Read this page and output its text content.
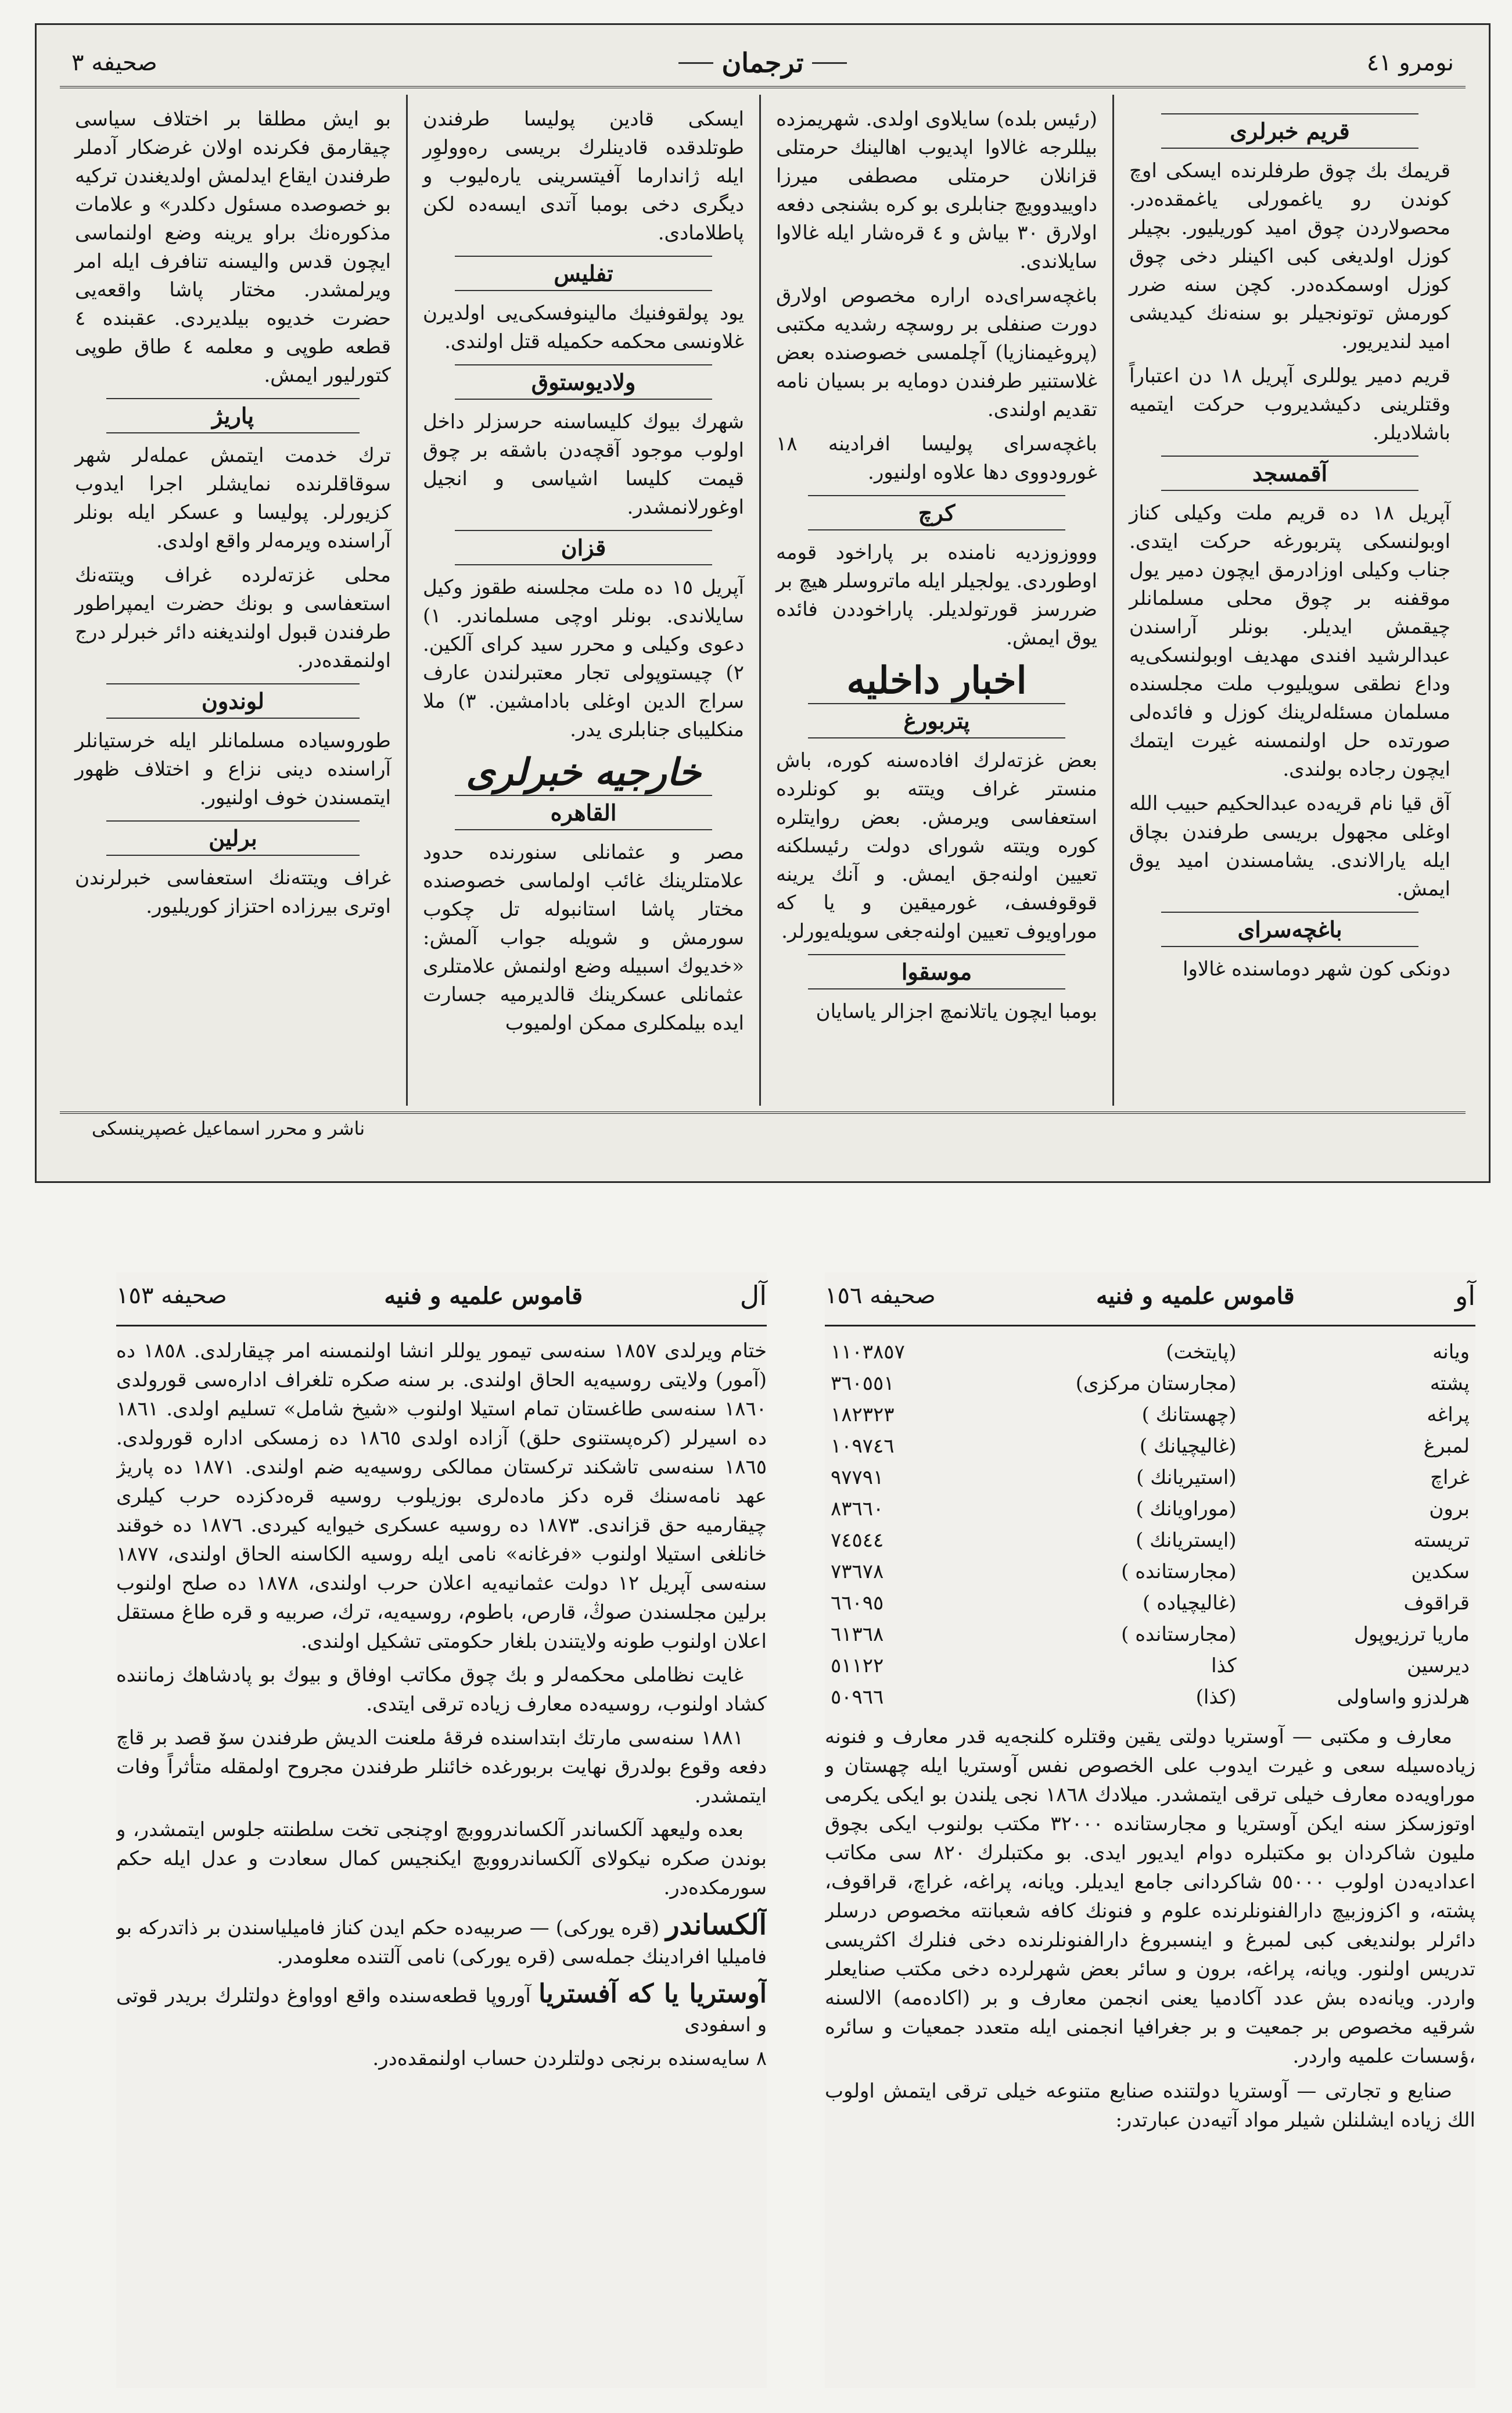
نومرو ٤١
ترجمان
صحیفه ٣
قریم خبرلری

قریمك بك چوق طرفلرنده ایسکی اوچ کوندن رو یاغمورلی یاغمقده‌در. محصولاردن چوق امید کوریلیور. بچیلر کوزل اولدیغی کبی اکینلر دخی چوق کوزل اوسمکده‌در. کچن سنه ضرر کورمش توتونجیلر بو سنه‌نك کیدیشی امید لندیریور.

قریم دمیر یوللری آپریل ١٨ دن اعتباراً وقتلرینی دکیشدیروب حرکت ایتمیه باشلادیلر.

آقمسجد

آپریل ١٨ ده قریم ملت وکیلی کناز اوبولنسکی پتربورغه حرکت ایتدی. جناب وکیلی اوزادرمق ایچون دمیر یول موقفنه بر چوق محلی مسلمانلر چیقمش ایدیلر. بونلر آراسندن عبدالرشید افندی مهدیف اوبولنسکی‌یه وداع نطقی سویلیوب ملت مجلسنده مسلمان مسئله‌لرینك کوزل و فائده‌لی صورتده حل اولنمسنه غیرت ایتمك ایچون رجاده بولندی.

آق قیا نام قریه‌ده عبدالحکیم حبیب الله اوغلی مجهول بریسی طرفندن بچاق ایله یارالاندی. یشامسندن امید یوق ایمش.

باغچه‌سرای

دونکی کون شهر دوماسنده غالاوا

(رئیس بلده) سایلاوی اولدی. شهریمزده بیللرجه غالاوا اپدیوب اهالینك حرمتلی قزانلان حرمتلی مصطفی میرزا داوییدوویچ جنابلری بو کره بشنجی دفعه اولارق ٣٠ بیاش و ٤ قره‌شار ایله غالاوا سایلاندی.

باغچه‌سرای‌ده اراره مخصوص اولارق دورت صنفلی بر روسچه رشدیه مکتبی (پروغیمنازیا) آچلمسی خصوصنده بعض غلاستنیر طرفندن دومایه بر بسیان نامه تقدیم اولندی.

باغچه‌سرای پولیسا افرادینه ١٨ غورودووی دها علاوه اولنیور.

کرچ

وووزوزدیه نامنده بر پاراخود قومه اوطوردی. یولجیلر ایله ماتروسلر هیچ بر ضررسز قورتولدیلر. پاراخوددن فائده یوق ایمش.

اخبار داخلیه
پتربورغ

بعض غزته‌لرك افاده‌سنه کوره، باش منستر غراف ویتته بو کونلرده استعفاسی ویرمش. بعض روایتلره کوره ویتته شورای دولت رئیسلکنه تعیین اولنه‌جق ایمش. و آنك یرینه قوقوفسف، غورمیقین و یا که موراویوف تعیین اولنه‌جغی سویله‌یورلر.

موسقوا

بومبا ایچون یاتلانمچ اجزالر یاسایان

ایسکی قادین پولیسا طرفندن طوتلدقده قادینلرك بریسی رەوولوِر ایله ژاندارما آفیتسرینی یارەلیوب و دیگری دخی بومبا آتدی ایسه‌ده لکن پاطلامادی.

تفلیس

یود پولقوفنیك مالینوفسکی‌یی اولدیرن غلاونسی محکمه حکمیله قتل اولندی.

ولادیوستوق

شهرك بیوك کلیساسنه حرسزلر داخل اولوب موجود آقچه‌دن باشقه بر چوق قیمت کلیسا اشیاسی و انجیل اوغورلانمشدر.

قزان

آپریل ١٥ ده ملت مجلسنه طقوز وکیل سایلاندی. بونلر اوچی مسلماندر. ١) دعوی وکیلی و محرر سید کرای آلکین. ٢) چیستوپولی تجار معتبرلندن عارف سراج الدین اوغلی بادامشین. ٣) ملا منکلیبای جنابلری یدر.

خارجیه خبرلری
القاهره

مصر و عثمانلی سنورنده حدود علامتلرینك غائب اولماسی خصوصنده مختار پاشا استانبوله تل چکوب سورمش و شویله جواب آلمش: «خدیوك اسبیله وضع اولنمش علامتلری عثمانلی عسکرینك قالدیرمیه جسارت ایده بیلمکلری ممکن اولمیوب

بو ایش مطلقا بر اختلاف سیاسی چیقارمق فکرنده اولان غرضکار آدملر طرفندن ایقاع ایدلمش اولدیغندن ترکیه بو خصوصده مسئول دکلدر» و علامات مذکوره‌نك براو یرینه وضع اولنماسی ایچون قدس والیسنه تنافرف ایله امر ویرلمشدر. مختار پاشا واقعه‌یی حضرت خدیوه بیلدیردی. عقبنده ٤ قطعه طوپی و معلمه ٤ طاق طوپی کتورلیور ایمش.

پاریژ

ترك خدمت ایتمش عمله‌لر شهر سوقاقلرنده نمایشلر اجرا ایدوب کزیورلر. پولیسا و عسکر ایله بونلر آراسنده ویرمه‌لر واقع اولدی.

محلی غزته‌لرده غراف ویتته‌نك استعفاسی و بونك حضرت ایمپراطور طرفندن قبول اولندیغنه دائر خبرلر درج اولنمقده‌در.

لوندون

طوروسیاده مسلمانلر ایله خرستیانلر آراسنده دینی نزاع و اختلاف ظهور ایتمسندن خوف اولنیور.

برلین

غراف ویتته‌نك استعفاسی خبرلرندن اوتری بیرزاده احتزاز کوریلیور.

ناشر و محرر اسماعیل غصپرینسکی
آو
قاموس علمیه و فنیه
صحیفه ١٥٦
ویانه	(پایتخت)	١١٠٣٨٥٧
پشته	(مجارستان مرکزی)	٣٦٠٥٥١
پراغه	(چهستانك )	١٨٢٣٢٣
لمبرغ	(غالیچیانك )	١٠٩٧٤٦
غراچ	(استیریانك )	٩٧٧٩١
برون	(موراویانك )	٨٣٦٦٠
تریسته	(ایستریانك )	٧٤٥٤٤
سکدین	(مجارستانده )	٧٣٦٧٨
قراقوف	(غالیچیاده )	٦٦٠٩٥
ماریا ترزیوپول	(مجارستانده )	٦١٣٦٨
دیرسین	کذا	٥١١٢٢
هرلدزو واساولی	(کذا)	٥٠٩٦٦

معارف و مکتبی — آوستریا دولتی یقین وقتلره کلنجه‌یه قدر معارف و فنونه زیاده‌سیله سعی و غیرت ایدوب علی الخصوص نفس آوستریا ایله چهستان و موراویه‌ده معارف خیلی ترقی ایتمشدر. میلادك ١٨٦٨ نجی یلندن بو ایکی یکرمی اوتوزسکز سنه ایکن آوستریا و مجارستانده ٣٢٠٠٠ مکتب بولنوب ایکی بچوق ملیون شاکردان بو مکتبلره دوام ایدیور ایدی. بو مکتبلرك ٨٢٠ سی مکاتب اعدادیه‌دن اولوب ٥٥٠٠٠ شاکردانی جامع ایدیلر. ویانه، پراغه، غراچ، قراقوف، پشته، و اکزوزبیچ دارالفنونلرنده علوم و فنونك کافه شعبانته مخصوص درسلر دائرلر بولندیغی کبی لمبرغ و اینسبروغ دارالفنونلرنده دخی فنلرك اکثریسی تدریس اولنور. ویانه، پراغه، برون و سائر بعض شهرلرده دخی مکتب صنایعلر واردر. ویانه‌ده بش عدد آکادمیا یعنی انجمن معارف و بر (اکاده‌مه) الالسنه شرقیه مخصوص بر جمعیت و بر جغرافیا انجمنی ایله متعدد جمعیات و سائره ،ؤسسات علمیه واردر.

صنایع و تجارتی — آوستریا دولتنده صنایع متنوعه خیلی ترقی ایتمش اولوب الك زیاده ایشلنلن شیلر مواد آتیه‌دن عبارتدر:

آل
قاموس علمیه و فنیه
صحیفه ١٥٣

ختام ویرلدی ١٨٥٧ سنه‌سی تیمور یوللر انشا اولنمسنه امر چیقارلدی. ١٨٥٨ ده (آمور) ولایتی روسیه‌یه الحاق اولندی. بر سنه صکره تلغراف ادارەسی قورولدی ١٨٦٠ سنه‌سی طاغستان تمام استیلا اولنوب «شیخ شامل» تسلیم اولدی. ١٨٦١ ده اسیرلر (کره‌پستنوی حلق) آزاده اولدی ١٨٦٥ ده زمسکی اداره قورولدی. ١٨٦٥ سنه‌سی تاشکند ترکستان ممالکی روسیه‌یه ضم اولندی. ١٨٧١ ده پاریژ عهد نامه‌سنك قره دکز ماده‌لری بوزیلوب روسیه قره‌دکزده حرب کیلری چیقارمیه حق قزاندی. ١٨٧٣ ده روسیه عسکری خیوایه کیردی. ١٨٧٦ ده خوقند خانلغی استیلا اولنوب «فرغانه» نامی ایله روسیه الکاسنه الحاق اولندی، ١٨٧٧ سنه‌سی آپریل ١٢ دولت عثمانیه‌یه اعلان حرب اولندی، ١٨٧٨ ده صلح اولنوب برلین مجلسندن صوڭ، قارص، باطوم، روسیه‌یه، ترك، صربیه و قره طاغ مستقل اعلان اولنوب طونه ولایتندن بلغار حکومتی تشکیل اولندی.

غایت نظاملی محکمه‌لر و بك چوق مکاتب اوفاق و بیوك بو پادشاهك زماننده کشاد اولنوب، روسیه‌ده معارف زیاده ترقی ایتدی.

١٨٨١ سنه‌سی مارتك ابتداسنده فرقهٔ ملعنت الدیش طرفندن سۆ قصد بر قاچ دفعه وقوع بولدرق نهایت بربورغده خائنلر طرفندن مجروح اولمقله متأثراً وفات ایتمشدر.

بعده ولیعهد آلکساندر آلکساندرووبچ اوچنجی تخت سلطنته جلوس ایتمشدر، و بوندن صکره نیکولای آلکساندرووبچ ایکنجیس کمال سعادت و عدل ایله حکم سورمکده‌در.

آلکساندر (قره یورکی) — صربیه‌ده حکم ایدن کناز فامیلیاسندن بر ذاتدرکه بو فامیلیا افرادینك جمله‌سی (قره یورکی) نامی آلتنده معلومدر.

آوستریا یا که آفستریا آوروپا قطعه‌سنده واقع اوواوغ دولتلرك بریدر قوتی و اسفودی

٨ سایه‌سنده برنجی دولتلردن حساب اولنمقده‌در.
